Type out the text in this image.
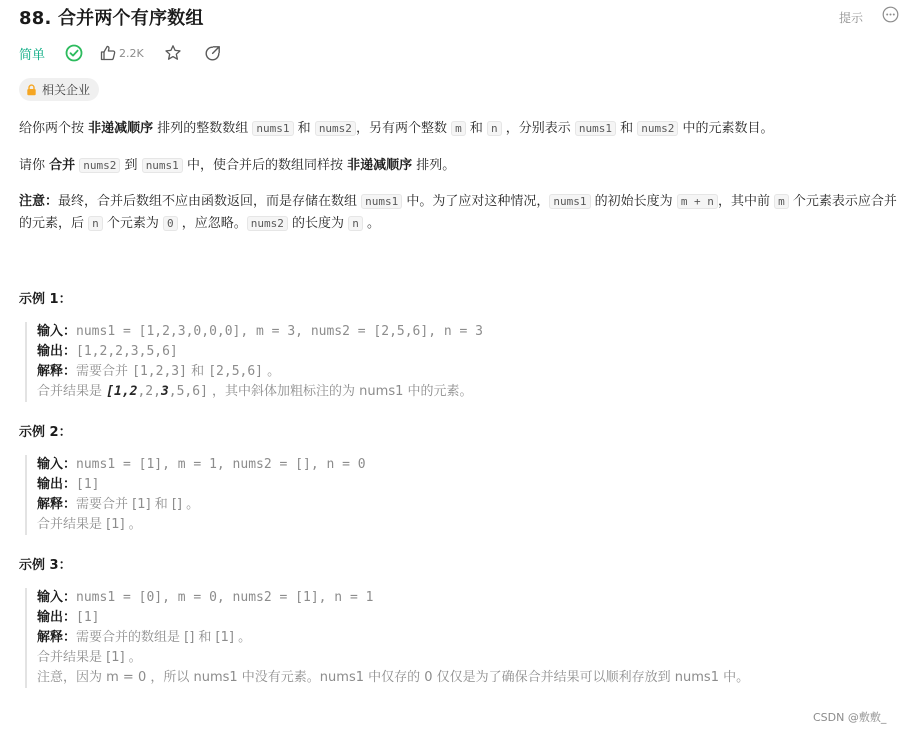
88. 合并两个有序数组	提示
简单	2.2K
相关企业
给你两个按 非递减顺序 排列的整数数组 nums1 和 nums2 ，另有两个整数 m 和 n ，分别表示 nums1 和 nums2 中的元素数目。
请你 合并 nums2 到 nums1 中，使合并后的数组同样按 非递减顺序 排列。
注意：最终，合并后数组不应由函数返回，而是存储在数组 nums1 中。为了应对这种情况， nums1 的初始长度为 m + n ，其中前 m 个元素表示应合并的元素，后 n 个元素为 0 ，应忽略。 nums2 的长度为 n 。
示例 1：
输入：nums1 = [1,2,3,0,0,0], m = 3, nums2 = [2,5,6], n = 3
输出：[1,2,2,3,5,6]
解释：需要合并 [1,2,3] 和 [2,5,6] 。
合并结果是 [1,2,2,3,5,6] ，其中斜体加粗标注的为 nums1 中的元素。
示例 2：
输入：nums1 = [1], m = 1, nums2 = [], n = 0
输出：[1]
解释：需要合并 [1] 和 [] 。
合并结果是 [1] 。
示例 3：
输入：nums1 = [0], m = 0, nums2 = [1], n = 1
输出：[1]
解释：需要合并的数组是 [] 和 [1] 。
合并结果是 [1] 。
注意，因为 m = 0 ，所以 nums1 中没有元素。nums1 中仅存的 0 仅仅是为了确保合并结果可以顺利存放到 nums1 中。
CSDN @敷敷_
